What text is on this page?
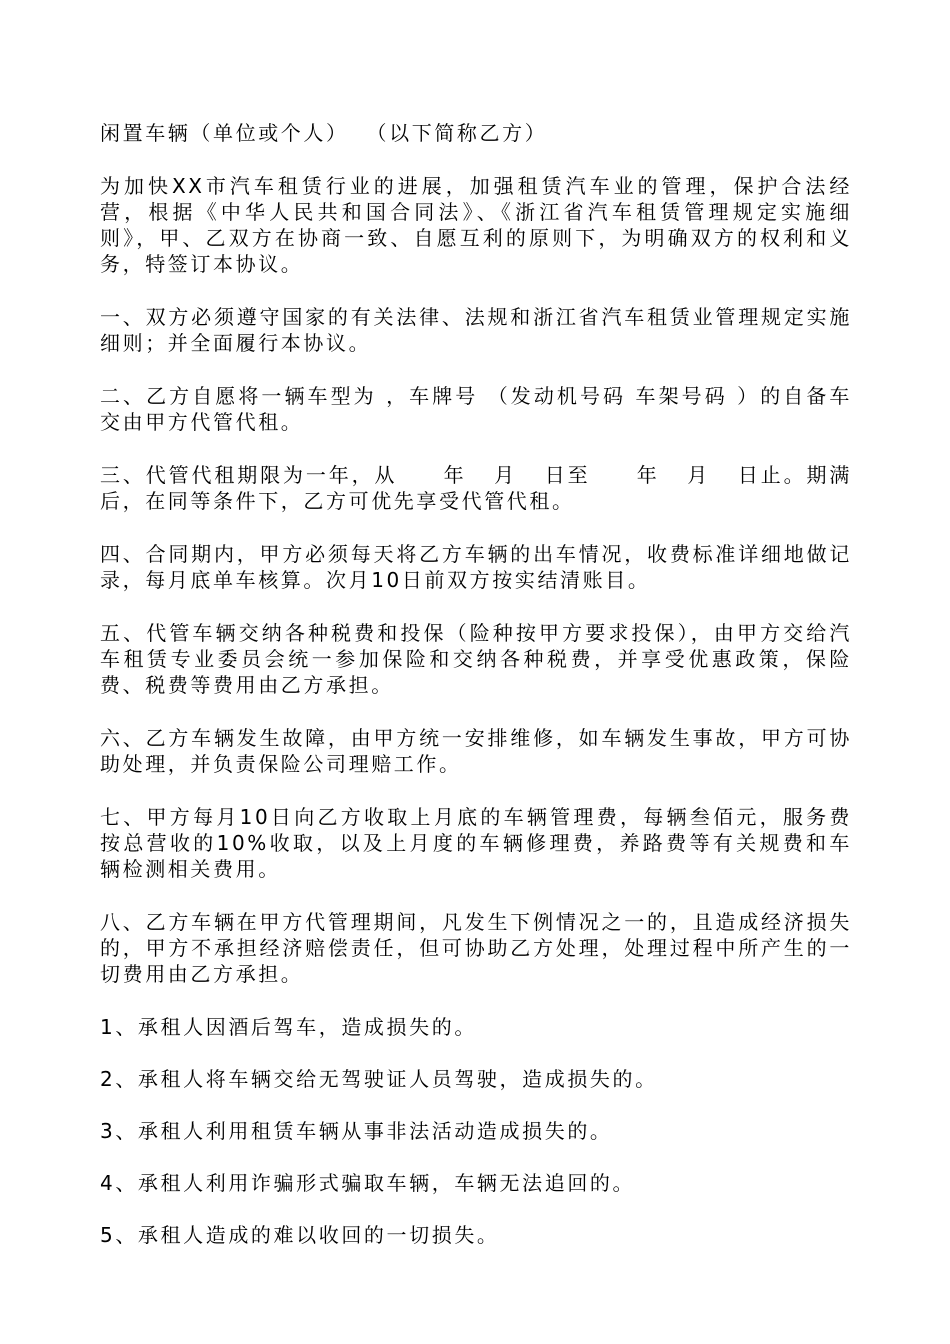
闲置车辆（单位或个人）  （以下简称乙方）

为加快XX市汽车租赁行业的进展，加强租赁汽车业的管理，保护合法经营，根据《中华人民共和国合同法》、《浙江省汽车租赁管理规定实施细则》，甲、乙双方在协商一致、自愿互利的原则下，为明确双方的权利和义务，特签订本协议。

一、双方必须遵守国家的有关法律、法规和浙江省汽车租赁业管理规定实施细则；并全面履行本协议。

二、乙方自愿将一辆车型为 ，车牌号 （发动机号码 车架号码 ）的自备车交由甲方代管代租。

三、代管代租期限为一年，从     年   月   日至     年   月   日止。期满后，在同等条件下，乙方可优先享受代管代租。

四、合同期内，甲方必须每天将乙方车辆的出车情况，收费标准详细地做记录，每月底单车核算。次月10日前双方按实结清账目。

五、代管车辆交纳各种税费和投保（险种按甲方要求投保），由甲方交给汽车租赁专业委员会统一参加保险和交纳各种税费，并享受优惠政策，保险费、税费等费用由乙方承担。

六、乙方车辆发生故障，由甲方统一安排维修，如车辆发生事故，甲方可协助处理，并负责保险公司理赔工作。

七、甲方每月10日向乙方收取上月底的车辆管理费，每辆叁佰元，服务费按总营收的10%收取，以及上月度的车辆修理费，养路费等有关规费和车辆检测相关费用。

八、乙方车辆在甲方代管理期间，凡发生下例情况之一的，且造成经济损失的，甲方不承担经济赔偿责任，但可协助乙方处理，处理过程中所产生的一切费用由乙方承担。

1、承租人因酒后驾车，造成损失的。

2、承租人将车辆交给无驾驶证人员驾驶，造成损失的。

3、承租人利用租赁车辆从事非法活动造成损失的。

4、承租人利用诈骗形式骗取车辆，车辆无法追回的。

5、承租人造成的难以收回的一切损失。
